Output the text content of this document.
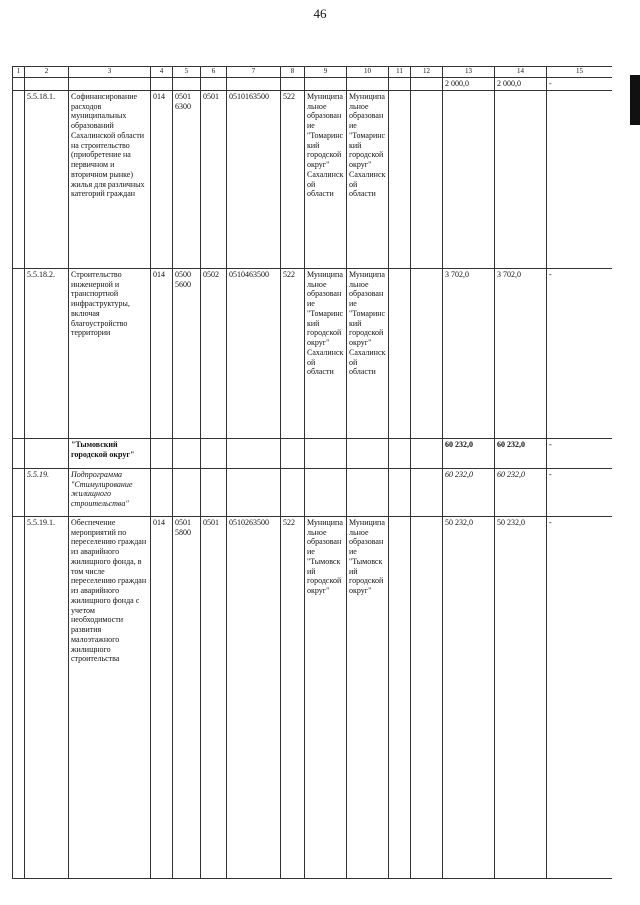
46
1	2	3	4	5	6	7	8	9	10	11	12	13	14	15
												2 000,0	2 000,0	-
	5.5.18.1.	Софинансирование расходов муниципальных образований Сахалинской области на строительство (приобретение на первичном и вторичном рынке) жилья для различных категорий граждан	014	0501 6300	0501	0510163500	522	Муниципальное образование "Томаринский городской округ" Сахалинской области	Муниципальное образование "Томаринский городской округ" Сахалинской области					
	5.5.18.2.	Строительство инженерной и транспортной инфраструктуры, включая благоустройство территории	014	0500 5600	0502	0510463500	522	Муниципальное образование "Томаринский городской округ" Сахалинской области	Муниципальное образование "Томаринский городской округ" Сахалинской области			3 702,0	3 702,0	-
		"Тымовский городской округ"										60 232,0	60 232,0	-
	5.5.19.	Подпрограмма "Стимулирование жилищного строительства"										60 232,0	60 232,0	-
	5.5.19.1.	Обеспечение мероприятий по переселению граждан из аварийного жилищного фонда, в том числе переселению граждан из аварийного жилищного фонда с учетом необходимости развития малоэтажного жилищного строительства	014	0501 5800	0501	0510263500	522	Муниципальное образование "Тымовский городской округ"	Муниципальное образование "Тымовский городской округ"			50 232,0	50 232,0	-
